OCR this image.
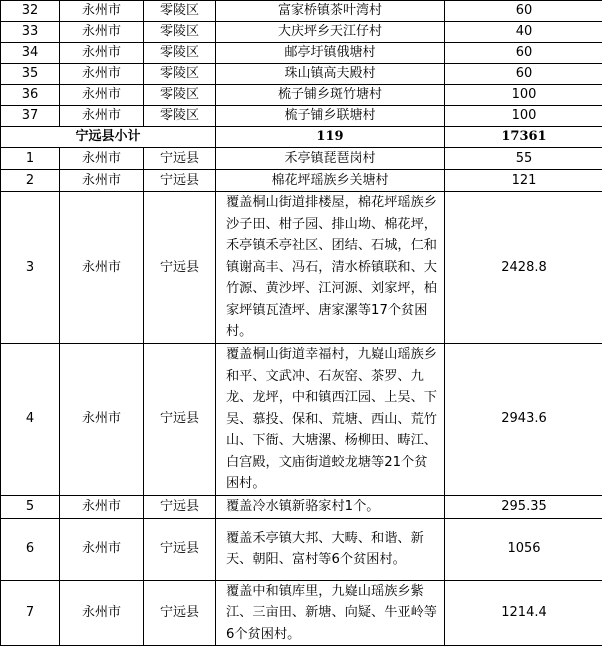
32	永州市	零陵区	富家桥镇茶叶湾村	60
33	永州市	零陵区	大庆坪乡天江仔村	40
34	永州市	零陵区	邮亭圩镇俄塘村	60
35	永州市	零陵区	珠山镇高夫殿村	60
36	永州市	零陵区	梳子铺乡斑竹塘村	100
37	永州市	零陵区	梳子铺乡联塘村	100
宁远县小计			119	17361
1	永州市	宁远县	禾亭镇琵琶岗村	55
2	永州市	宁远县	棉花坪瑶族乡关塘村	121
3	永州市	宁远县	覆盖桐山街道排楼屋，棉花坪瑶族乡沙子田、柑子园、排山坳、棉花坪，禾亭镇禾亭社区、团结、石城，仁和镇谢高丰、冯石，清水桥镇联和、大竹源、黄沙坪、江河源、刘家坪，柏家坪镇瓦渣坪、唐家漯等17个贫困村。	2428.8
4	永州市	宁远县	覆盖桐山街道幸福村，九嶷山瑶族乡和平、文武冲、石灰窑、茶罗、九龙、龙坪，中和镇西江园、上吴、下吴、慕投、保和、荒塘、西山、荒竹山、下衙、大塘漯、杨柳田、畴江、白宫殿，文庙街道蛟龙塘等21个贫困村。	2943.6
5	永州市	宁远县	覆盖冷水镇新骆家村1个。	295.35
6	永州市	宁远县	覆盖禾亭镇大邦、大畴、和谐、新天、朝阳、富村等6个贫困村。	1056
7	永州市	宁远县	覆盖中和镇库里，九嶷山瑶族乡紫江、三亩田、新塘、向疑、牛亚岭等6个贫困村。	1214.4
